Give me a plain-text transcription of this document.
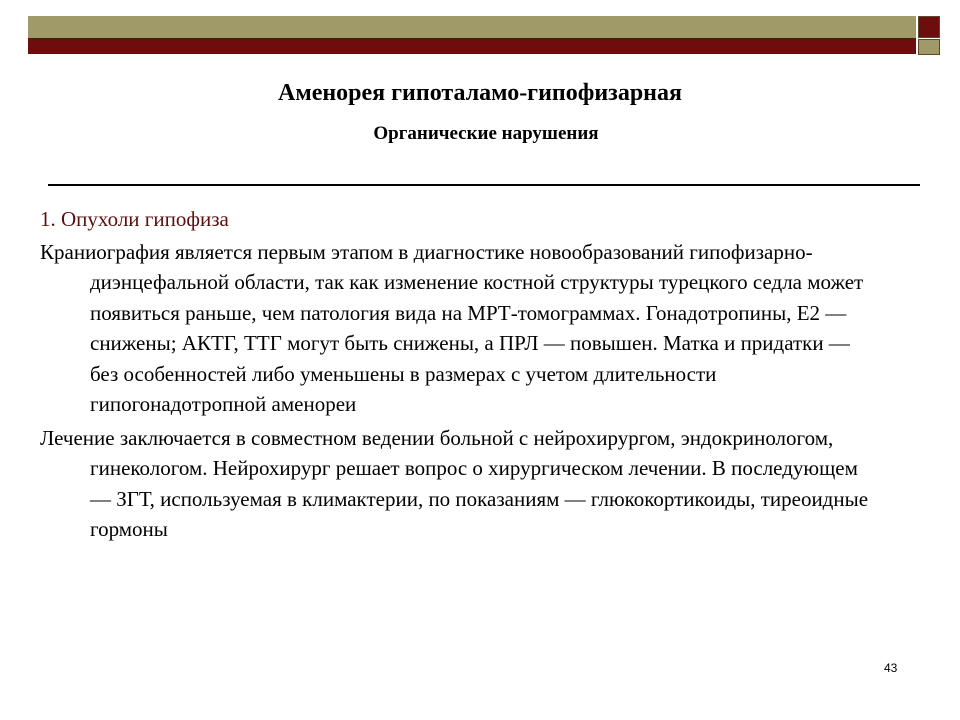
Аменорея гипоталамо-гипофизарная
Органические нарушения
1. Опухоли гипофиза
Краниография является первым этапом в диагностике новообразований гипофизарно-диэнцефальной области, так как изменение костной структуры турецкого седла может появиться раньше, чем патология вида на МРТ-томограммах. Гонадотропины, Е2 — снижены; АКТГ, ТТГ могут быть снижены, а ПРЛ — повышен. Матка и придатки — без особенностей либо уменьшены в размерах с учетом длительности гипогонадотропной аменореи
Лечение заключается в совместном ведении больной с нейрохирургом, эндокринологом, гинекологом. Нейрохирург решает вопрос о хирургическом лечении. В последующем — ЗГТ, используемая в климактерии, по показаниям — глюкокортикоиды, тиреоидные гормоны
43
